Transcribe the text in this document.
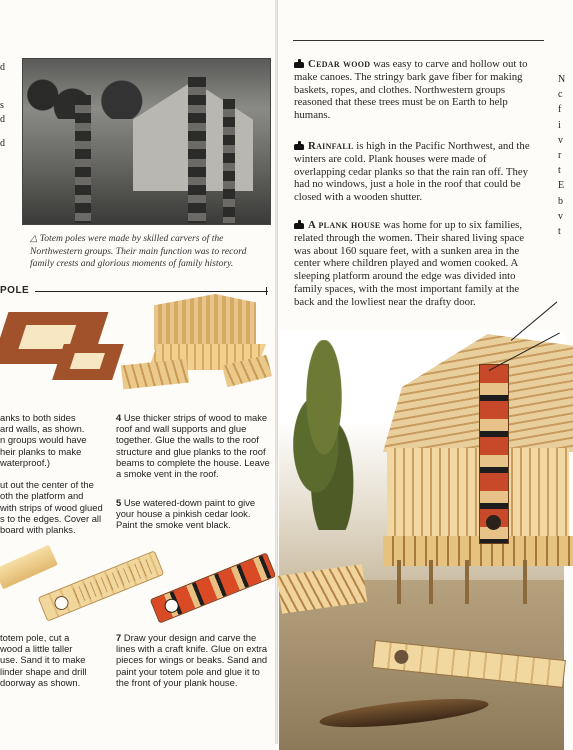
d
s
d
d
△ Totem poles were made by skilled carvers of the Northwestern groups. Their main function was to record family crests and glorious moments of family history.
POLE
anks to both sides
ard walls, as shown.
n groups would have
heir planks to make
waterproof.)

ut out the center of the
oth the platform and
with strips of wood glued
s to the edges. Cover all
board with planks.
4 Use thicker strips of wood to make roof and wall supports and glue together. Glue the walls to the roof structure and glue planks to the roof beams to complete the house. Leave a smoke vent in the roof.
5 Use watered-down paint to give your house a pinkish cedar look. Paint the smoke vent black.
totem pole, cut a
wood a little taller
use. Sand it to make
linder shape and drill
doorway as shown.
7 Draw your design and carve the lines with a craft knife. Glue on extra pieces for wings or beaks. Sand and paint your totem pole and glue it to the front of your plank house.
Cedar wood was easy to carve and hollow out to make canoes. The stringy bark gave fiber for making baskets, ropes, and clothes. Northwestern groups reasoned that these trees must be on Earth to help humans.
Rainfall is high in the Pacific Northwest, and the winters are cold. Plank houses were made of overlapping cedar planks so that the rain ran off. They had no windows, just a hole in the roof that could be closed with a wooden shutter.
A plank house was home for up to six families, related through the women. Their shared living space was about 160 square feet, with a sunken area in the center where children played and women cooked. A sleeping platform around the edge was divided into family spaces, with the most important family at the back and the lowliest near the drafty door.
N
c
f
i
v
r
t
E
b
v
t
